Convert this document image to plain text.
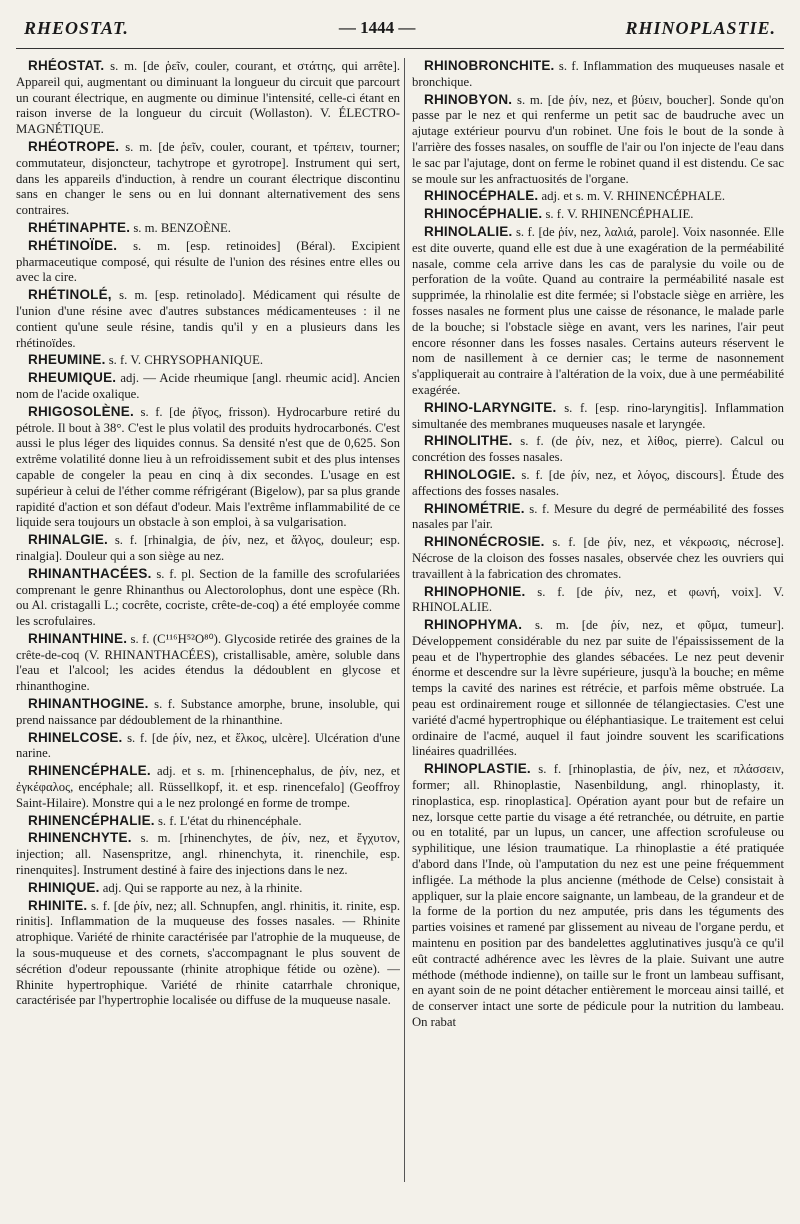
RHEOSTAT.	— 1444 —	RHINOPLASTIE.

RHÉOSTAT. s. m. [de ῥεῖν, couler, courant, et στάτης, qui arrête]. Appareil qui, augmentant ou diminuant la longueur du circuit que parcourt un courant électrique, en augmente ou diminue l'intensité, celle-ci étant en raison inverse de la longueur du circuit (Wollaston). V. ÉLECTRO-MAGNÉTIQUE.

RHÉOTROPE. s. m. [de ῥεῖν, couler, courant, et τρέπειν, tourner; commutateur, disjoncteur, tachytrope et gyrotrope]. Instrument qui sert, dans les appareils d'induction, à rendre un courant électrique discontinu sans en changer le sens ou en lui donnant alternativement des sens contraires.

RHÉTINAPHTE. s. m. BENZOÈNE.

RHÉTINOÏDE. s. m. [esp. retinoides] (Béral). Excipient pharmaceutique composé, qui résulte de l'union des résines entre elles ou avec la cire.

RHÉTINOLÉ, s. m. [esp. retinolado]. Médicament qui résulte de l'union d'une résine avec d'autres substances médicamenteuses : il ne contient qu'une seule résine, tandis qu'il y en a plusieurs dans les rhétinoïdes.

RHEUMINE. s. f. V. CHRYSOPHANIQUE.

RHEUMIQUE. adj. — Acide rheumique [angl. rheumic acid]. Ancien nom de l'acide oxalique.

RHIGOSOLÈNE. s. f. [de ῥῖγος, frisson). Hydrocarbure retiré du pétrole. Il bout à 38°. C'est le plus volatil des produits hydrocarbonés. C'est aussi le plus léger des liquides connus. Sa densité n'est que de 0,625. Son extrême volatilité donne lieu à un refroidissement subit et des plus intenses capable de congeler la peau en cinq à dix secondes. L'usage en est supérieur à celui de l'éther comme réfrigérant (Bigelow), par sa plus grande rapidité d'action et son défaut d'odeur. Mais l'extrême inflammabilité de ce liquide sera toujours un obstacle à son emploi, à sa vulgarisation.

RHINALGIE. s. f. [rhinalgia, de ῥίν, nez, et ἄλγος, douleur; esp. rinalgia]. Douleur qui a son siège au nez.

RHINANTHACÉES. s. f. pl. Section de la famille des scrofulariées comprenant le genre Rhinanthus ou Alectorolophus, dont une espèce (Rh. ou Al. cristagalli L.; cocrête, cocriste, crête-de-coq) a été employée comme les scrofulaires.

RHINANTHINE. s. f. (C¹¹⁶H⁵²O⁸⁰). Glycoside retirée des graines de la crête-de-coq (V. RHINANTHACÉES), cristallisable, amère, soluble dans l'eau et l'alcool; les acides étendus la dédoublent en glycose et rhinanthogine.

RHINANTHOGINE. s. f. Substance amorphe, brune, insoluble, qui prend naissance par dédoublement de la rhinanthine.

RHINELCOSE. s. f. [de ῥίν, nez, et ἕλκος, ulcère]. Ulcération d'une narine.

RHINENCÉPHALE. adj. et s. m. [rhinencephalus, de ῥίν, nez, et ἐγκέφαλος, encéphale; all. Rüssellkopf, it. et esp. rinencefalo] (Geoffroy Saint-Hilaire). Monstre qui a le nez prolongé en forme de trompe.

RHINENCÉPHALIE. s. f. L'état du rhinencéphale.

RHINENCHYTE. s. m. [rhinenchytes, de ῥίν, nez, et ἔγχυτον, injection; all. Nasenspritze, angl. rhinenchyta, it. rinenchile, esp. rinenquites]. Instrument destiné à faire des injections dans le nez.

RHINIQUE. adj. Qui se rapporte au nez, à la rhinite.

RHINITE. s. f. [de ῥίν, nez; all. Schnupfen, angl. rhinitis, it. rinite, esp. rinitis]. Inflammation de la muqueuse des fosses nasales. — Rhinite atrophique. Variété de rhinite caractérisée par l'atrophie de la muqueuse, de la sous-muqueuse et des cornets, s'accompagnant le plus souvent de sécrétion d'odeur repoussante (rhinite atrophique fétide ou ozène). — Rhinite hypertrophique. Variété de rhinite catarrhale chronique, caractérisée par l'hypertrophie localisée ou diffuse de la muqueuse nasale.

RHINOBRONCHITE. s. f. Inflammation des muqueuses nasale et bronchique.

RHINOBYON. s. m. [de ῥίν, nez, et βύειν, boucher]. Sonde qu'on passe par le nez et qui renferme un petit sac de baudruche avec un ajutage extérieur pourvu d'un robinet. Une fois le bout de la sonde à l'arrière des fosses nasales, on souffle de l'air ou l'on injecte de l'eau dans le sac par l'ajutage, dont on ferme le robinet quand il est distendu. Ce sac se moule sur les anfractuosités de l'organe.

RHINOCÉPHALE. adj. et s. m. V. RHINENCÉPHALE.

RHINOCÉPHALIE. s. f. V. RHINENCÉPHALIE.

RHINOLALIE. s. f. [de ῥίν, nez, λαλιά, parole]. Voix nasonnée. Elle est dite ouverte, quand elle est due à une exagération de la perméabilité nasale, comme cela arrive dans les cas de paralysie du voile ou de perforation de la voûte. Quand au contraire la perméabilité nasale est supprimée, la rhinolalie est dite fermée; si l'obstacle siège en arrière, les fosses nasales ne forment plus une caisse de résonance, le malade parle de la bouche; si l'obstacle siège en avant, vers les narines, l'air peut encore résonner dans les fosses nasales. Certains auteurs réservent le nom de nasillement à ce dernier cas; le terme de nasonnement s'appliquerait au contraire à l'altération de la voix, due à une perméabilité exagérée.

RHINO-LARYNGITE. s. f. [esp. rino-laryngitis]. Inflammation simultanée des membranes muqueuses nasale et laryngée.

RHINOLITHE. s. f. (de ῥίν, nez, et λίθος, pierre). Calcul ou concrétion des fosses nasales.

RHINOLOGIE. s. f. [de ῥίν, nez, et λόγος, discours]. Étude des affections des fosses nasales.

RHINOMÉTRIE. s. f. Mesure du degré de perméabilité des fosses nasales par l'air.

RHINONÉCROSIE. s. f. [de ῥίν, nez, et νέκρωσις, nécrose]. Nécrose de la cloison des fosses nasales, observée chez les ouvriers qui travaillent à la fabrication des chromates.

RHINOPHONIE. s. f. [de ῥίν, nez, et φωνή, voix]. V. RHINOLALIE.

RHINOPHYMA. s. m. [de ῥίν, nez, et φῦμα, tumeur]. Développement considérable du nez par suite de l'épaississement de la peau et de l'hypertrophie des glandes sébacées. Le nez peut devenir énorme et descendre sur la lèvre supérieure, jusqu'à la bouche; en même temps la cavité des narines est rétrécie, et parfois même obstruée. La peau est ordinairement rouge et sillonnée de télangiectasies. C'est une variété d'acmé hypertrophique ou éléphantiasique. Le traitement est celui ordinaire de l'acmé, auquel il faut joindre souvent les scarifications linéaires quadrillées.

RHINOPLASTIE. s. f. [rhinoplastia, de ῥίν, nez, et πλάσσειν, former; all. Rhinoplastie, Nasenbildung, angl. rhinoplasty, it. rinoplastica, esp. rinoplastica]. Opération ayant pour but de refaire un nez, lorsque cette partie du visage a été retranchée, ou détruite, en partie ou en totalité, par un lupus, un cancer, une affection scrofuleuse ou syphilitique, une lésion traumatique. La rhinoplastie a été pratiquée d'abord dans l'Inde, où l'amputation du nez est une peine fréquemment infligée. La méthode la plus ancienne (méthode de Celse) consistait à appliquer, sur la plaie encore saignante, un lambeau, de la grandeur et de la forme de la portion du nez amputée, pris dans les téguments des parties voisines et ramené par glissement au niveau de l'organe perdu, et maintenu en position par des bandelettes agglutinatives jusqu'à ce qu'il eût contracté adhérence avec les lèvres de la plaie. Suivant une autre méthode (méthode indienne), on taille sur le front un lambeau suffisant, en ayant soin de ne point détacher entièrement le morceau ainsi taillé, et de conserver intact une sorte de pédicule pour la nutrition du lambeau. On rabat
